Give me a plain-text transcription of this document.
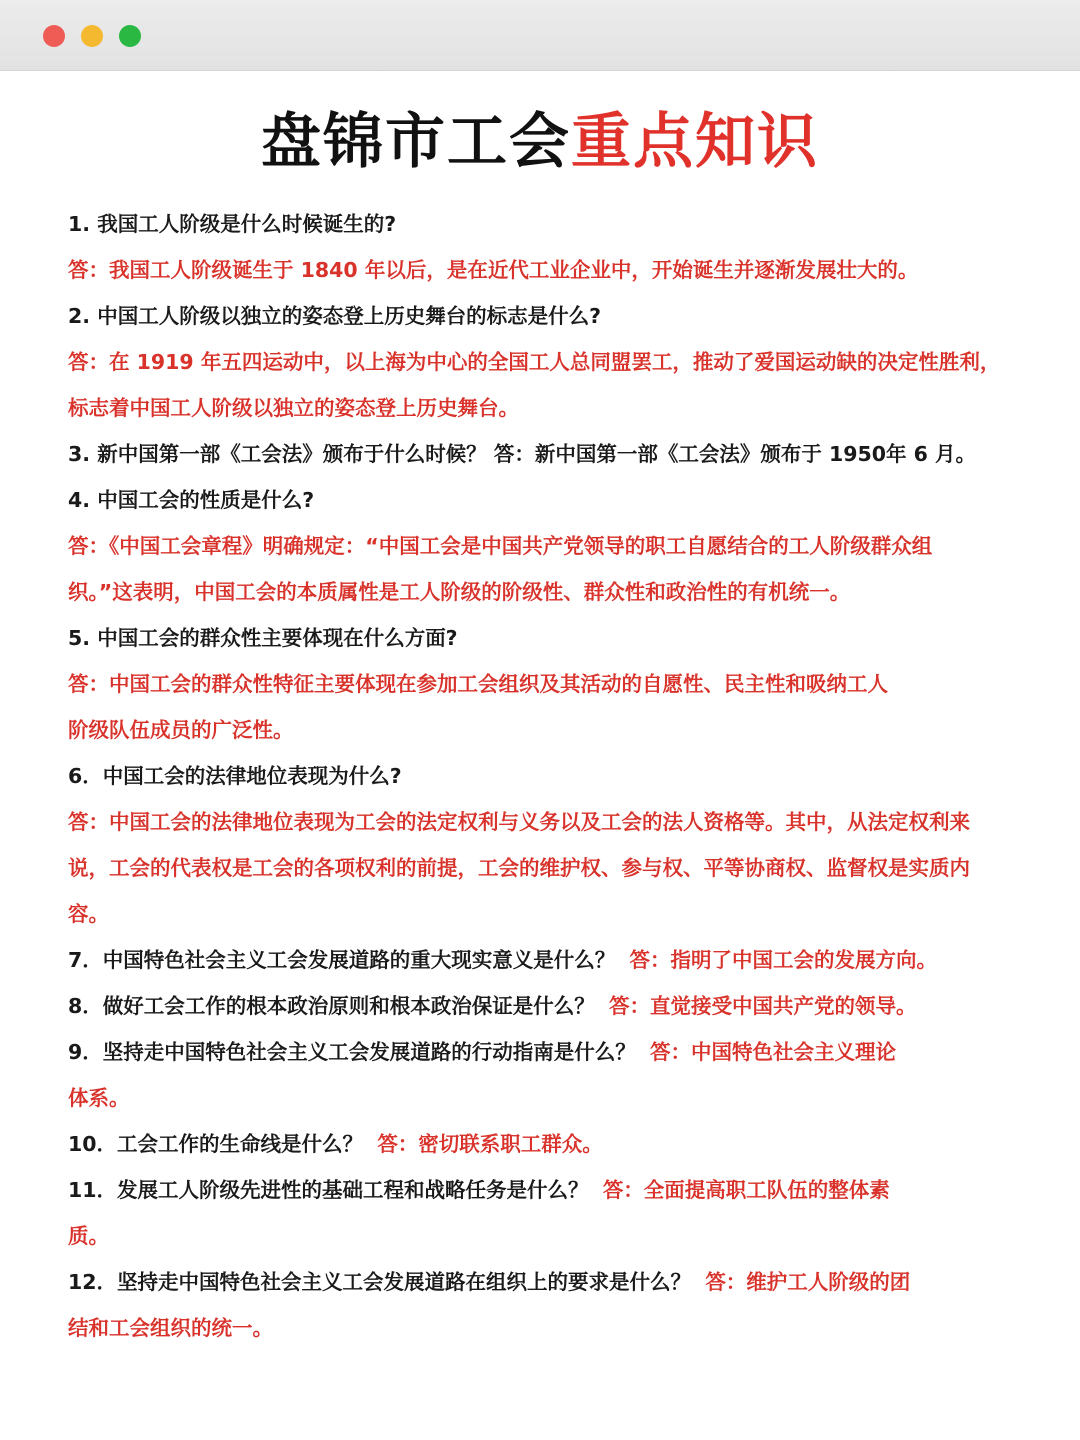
盘锦市工会重点知识
1. 我国工人阶级是什么时候诞生的?
答：我国工人阶级诞生于 1840 年以后，是在近代工业企业中，开始诞生并逐渐发展壮大的。
2. 中国工人阶级以独立的姿态登上历史舞台的标志是什么?
答：在 1919 年五四运动中，以上海为中心的全国工人总同盟罢工，推动了爱国运动缺的决定性胜利，
标志着中国工人阶级以独立的姿态登上历史舞台。
3. 新中国第一部《工会法》颁布于什么时候？ 答：新中国第一部《工会法》颁布于 1950年 6 月。
4. 中国工会的性质是什么?
答：《中国工会章程》明确规定：“中国工会是中国共产党领导的职工自愿结合的工人阶级群众组
织。”这表明，中国工会的本质属性是工人阶级的阶级性、群众性和政治性的有机统一。
5. 中国工会的群众性主要体现在什么方面?
答：中国工会的群众性特征主要体现在参加工会组织及其活动的自愿性、民主性和吸纳工人
阶级队伍成员的广泛性。
6．中国工会的法律地位表现为什么?
答：中国工会的法律地位表现为工会的法定权利与义务以及工会的法人资格等。其中，从法定权利来
说，工会的代表权是工会的各项权利的前提，工会的维护权、参与权、平等协商权、监督权是实质内
容。
7．中国特色社会主义工会发展道路的重大现实意义是什么？ 答：指明了中国工会的发展方向。
8．做好工会工作的根本政治原则和根本政治保证是什么？ 答：直觉接受中国共产党的领导。
9．坚持走中国特色社会主义工会发展道路的行动指南是什么？ 答：中国特色社会主义理论
体系。
10．工会工作的生命线是什么？ 答：密切联系职工群众。
11．发展工人阶级先进性的基础工程和战略任务是什么？ 答：全面提高职工队伍的整体素
质。
12．坚持走中国特色社会主义工会发展道路在组织上的要求是什么？ 答：维护工人阶级的团
结和工会组织的统一。
